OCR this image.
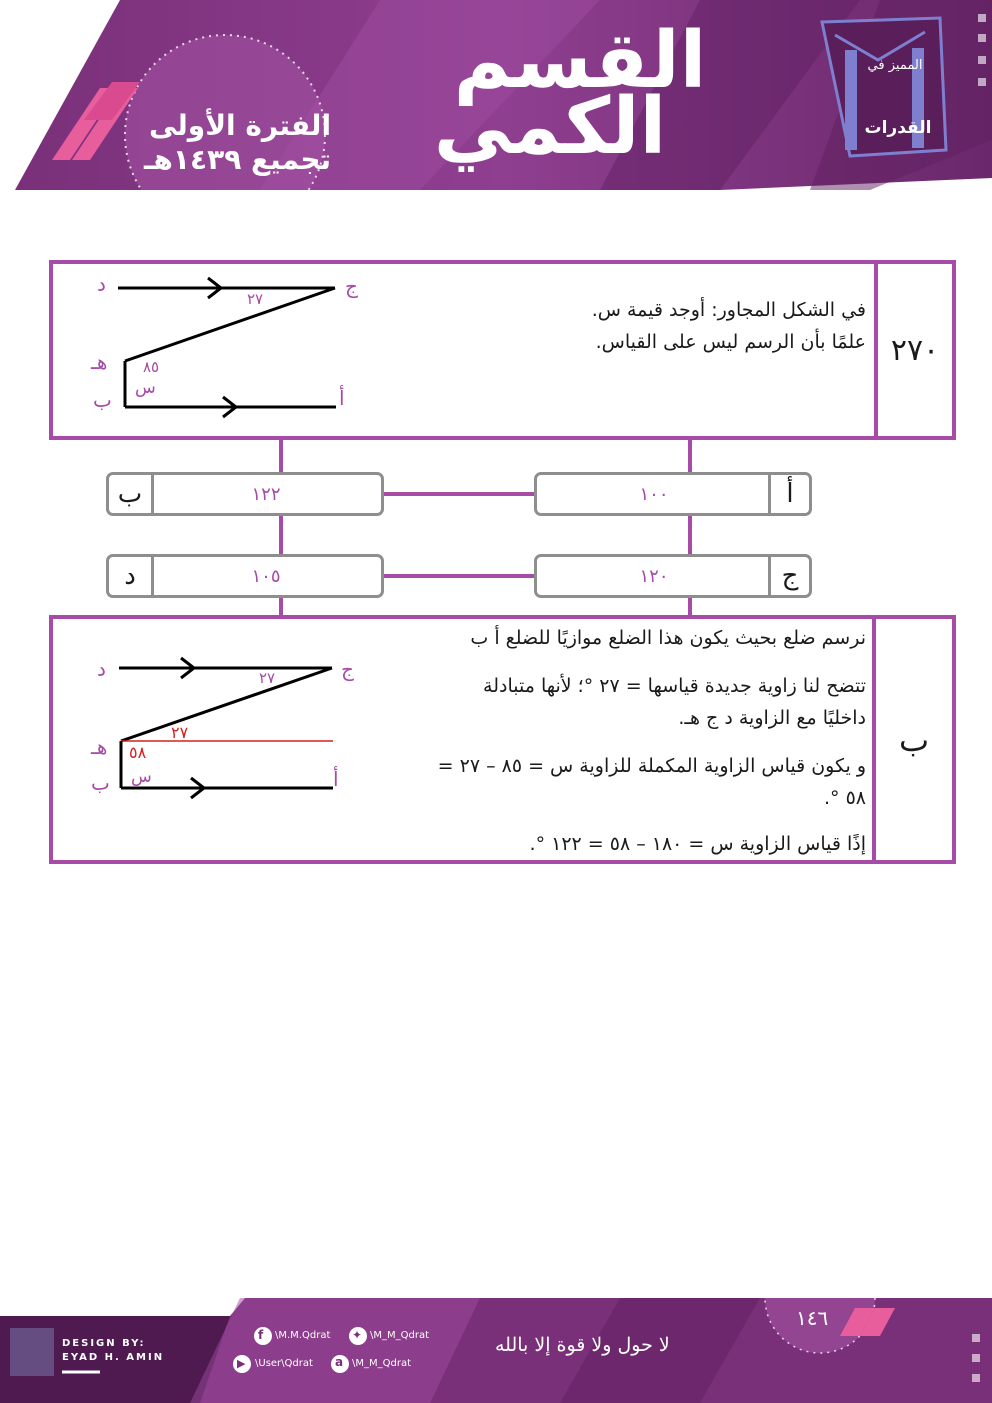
القسم
الكمي
الفترة الأولى
تجميع ١٤٣٩هـ
المميز في
القدرات
٢٧٠
في الشكل المجاور: أوجد قيمة س.
علمًا بأن الرسم ليس على القياس.
د	ج
٢٧
هـ ٨٥
س
ب	أ
أ
١٠٠
ب	١٢٢
ج
١٢٠
د	١٠٥
ب
نرسم ضلع بحيث يكون هذا الضلع موازيًا للضلع أ ب
تتضح لنا زاوية جديدة قياسها = ٢٧ °؛ لأنها متبادلة
داخليًا مع الزاوية د ج هـ.
و يكون قياس الزاوية المكملة للزاوية س = ٨٥ – ٢٧ =
٥٨ °.
إذًا قياس الزاوية س = ١٨٠ – ٥٨ = ١٢٢ °.
د	ج
٢٧
٢٧
هـ ٥٨
س
ب	أ
f	✦
▶	a
١٤٦
DESIGN BY:
EYAD H. AMIN
\M.M.Qdrat	\M_M_Qdrat
\User\Qdrat	\M_M_Qdrat
لا حول ولا قوة إلا بالله
